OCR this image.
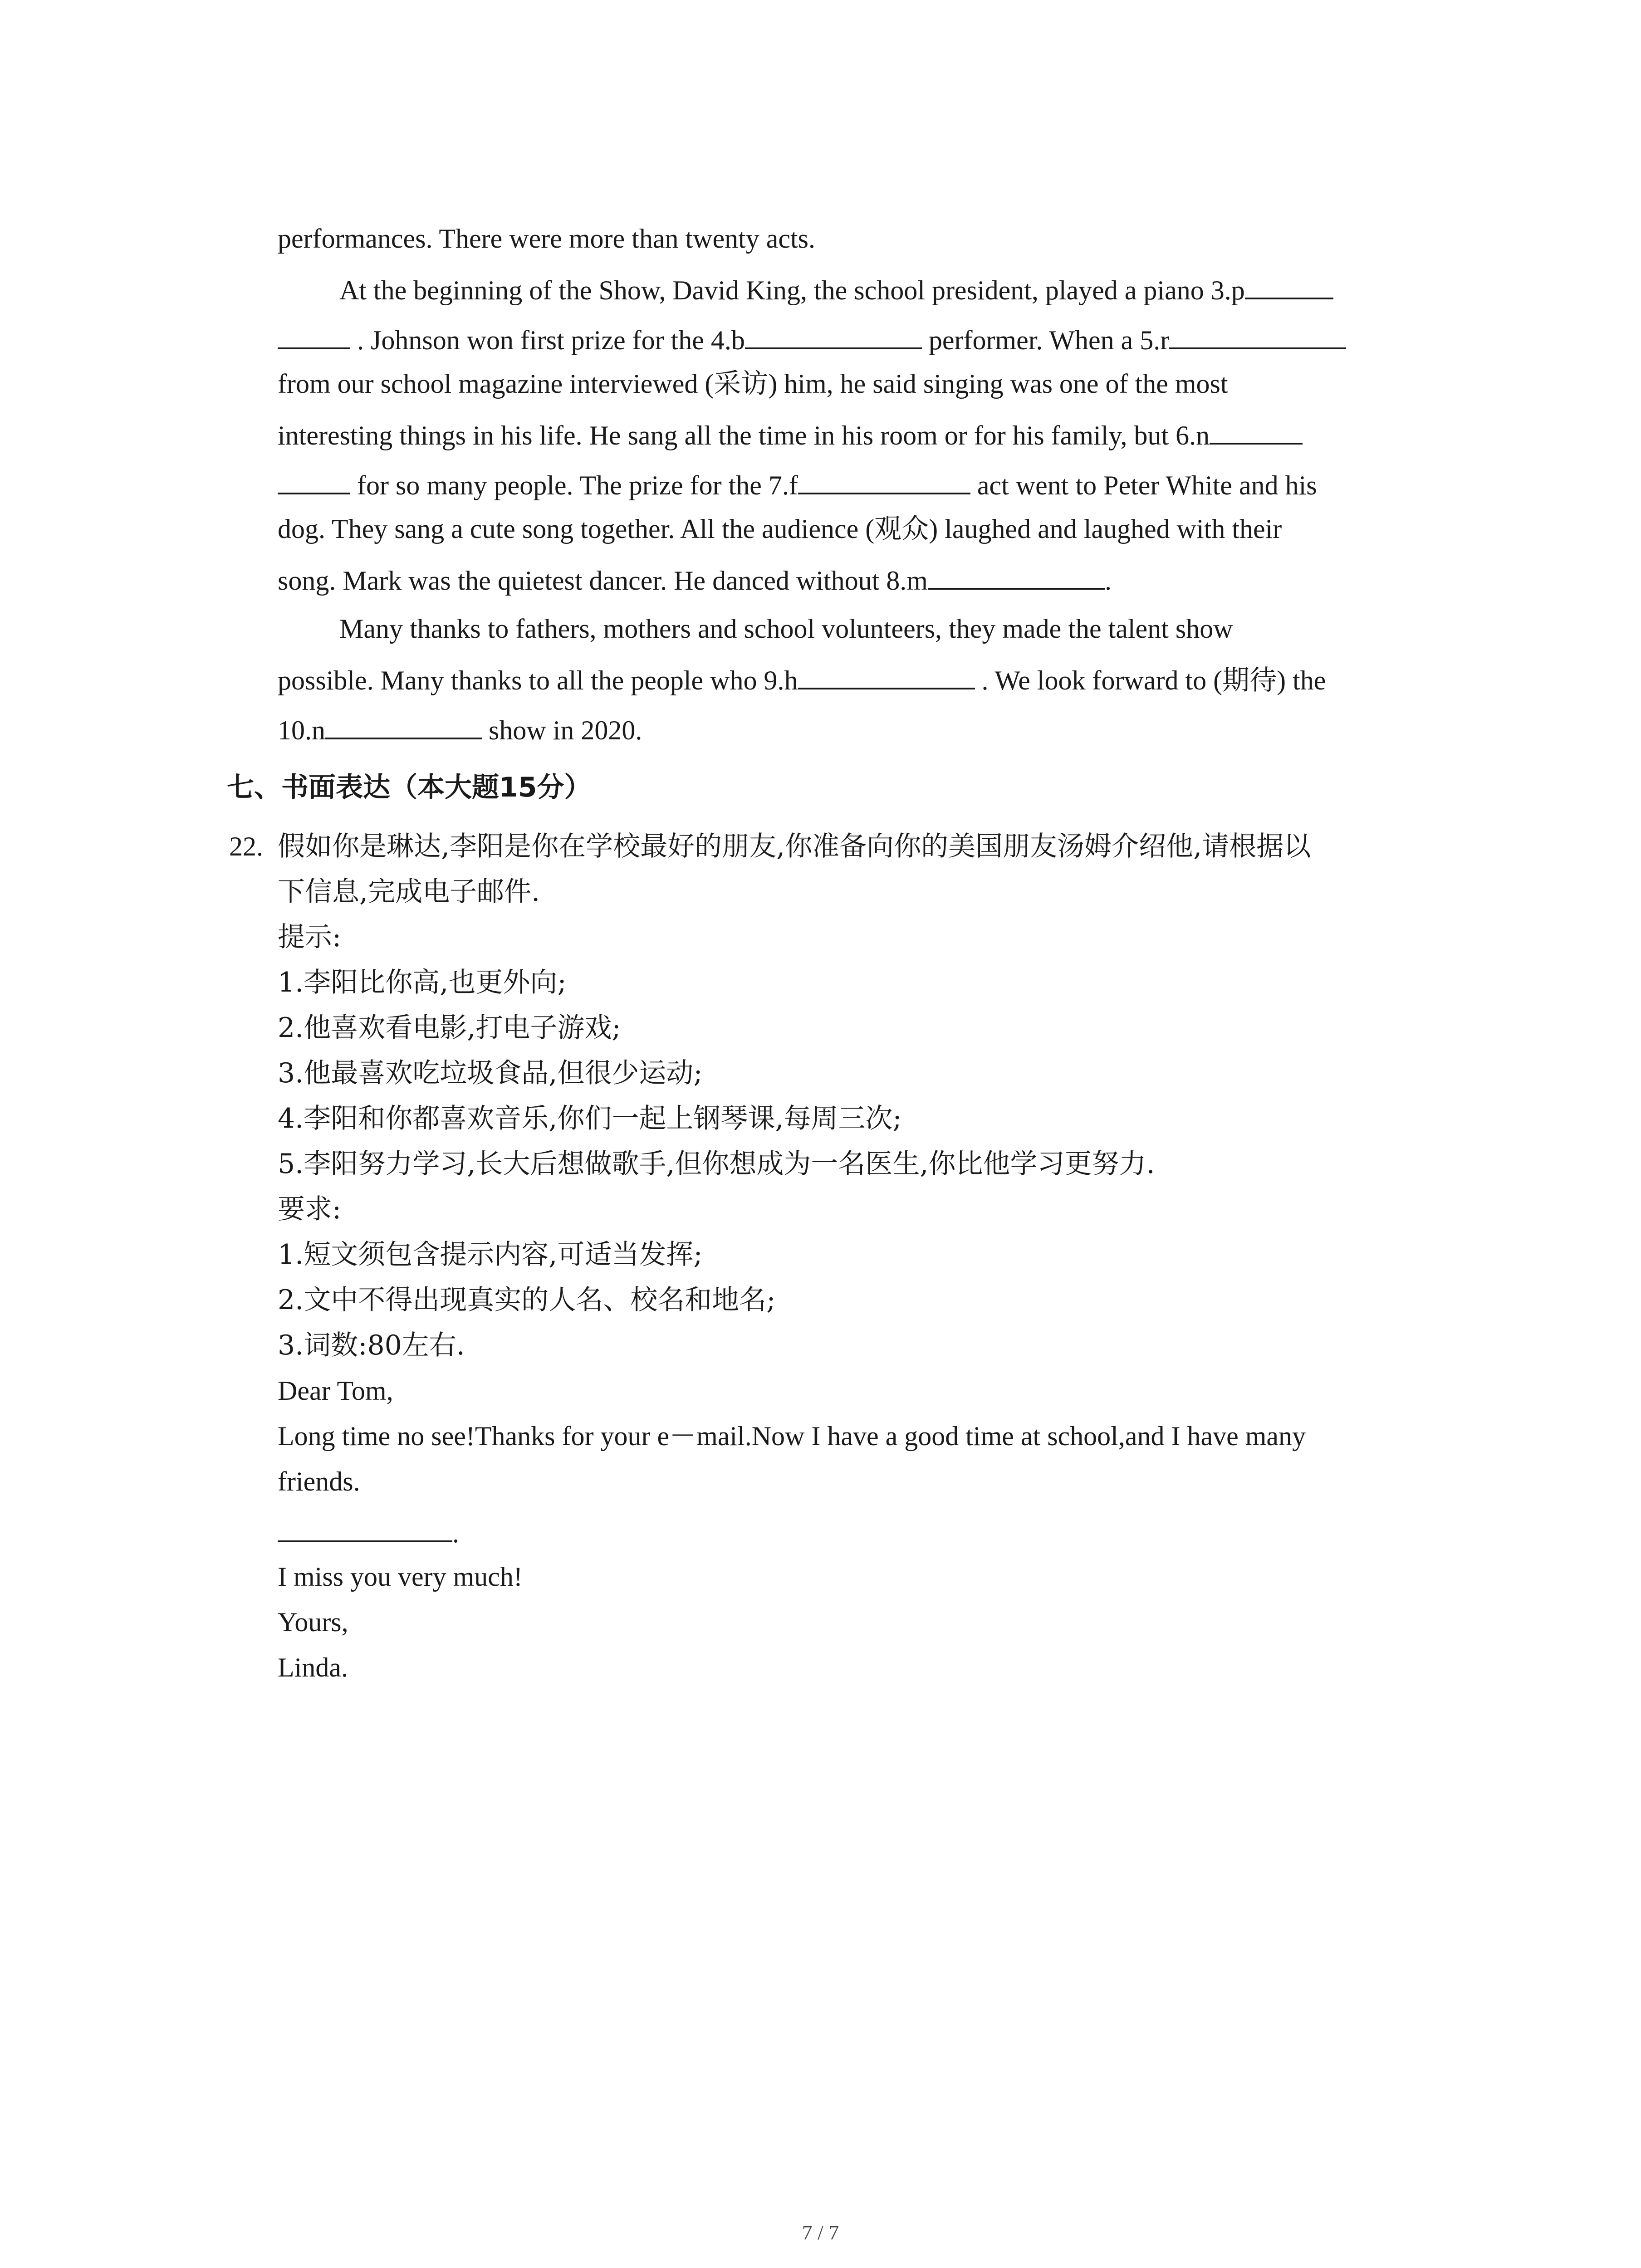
performances. There were more than twenty acts.
At the beginning of the Show, David King, the school president, played a piano 3.p
. Johnson won first prize for the 4.b	performer. When a 5.r
from our school magazine interviewed (采访) him, he said singing was one of the most
interesting things in his life. He sang all the time in his room or for his family, but 6.n
for so many people. The prize for the 7.f	act went to Peter White and his
dog. They sang a cute song together. All the audience (观众) laughed and laughed with their
song. Mark was the quietest dancer. He danced without 8.m	.
Many thanks to fathers, mothers and school volunteers, they made the talent show
possible. Many thanks to all the people who 9.h	. We look forward to (期待) the
10.n	show in 2020.
七、书面表达（本大题15分）
22. 假如你是琳达,李阳是你在学校最好的朋友,你准备向你的美国朋友汤姆介绍他,请根据以
下信息,完成电子邮件.
提示:
1.李阳比你高,也更外向;
2.他喜欢看电影,打电子游戏;
3.他最喜欢吃垃圾食品,但很少运动;
4.李阳和你都喜欢音乐,你们一起上钢琴课,每周三次;
5.李阳努力学习,长大后想做歌手,但你想成为一名医生,你比他学习更努力.
要求:
1.短文须包含提示内容,可适当发挥;
2.文中不得出现真实的人名、校名和地名;
3.词数:80左右.
Dear Tom,
Long time no see!Thanks for your e－mail.Now I have a good time at school,and I have many
friends.
.
I miss you very much!
Yours,
Linda.
7 / 7
